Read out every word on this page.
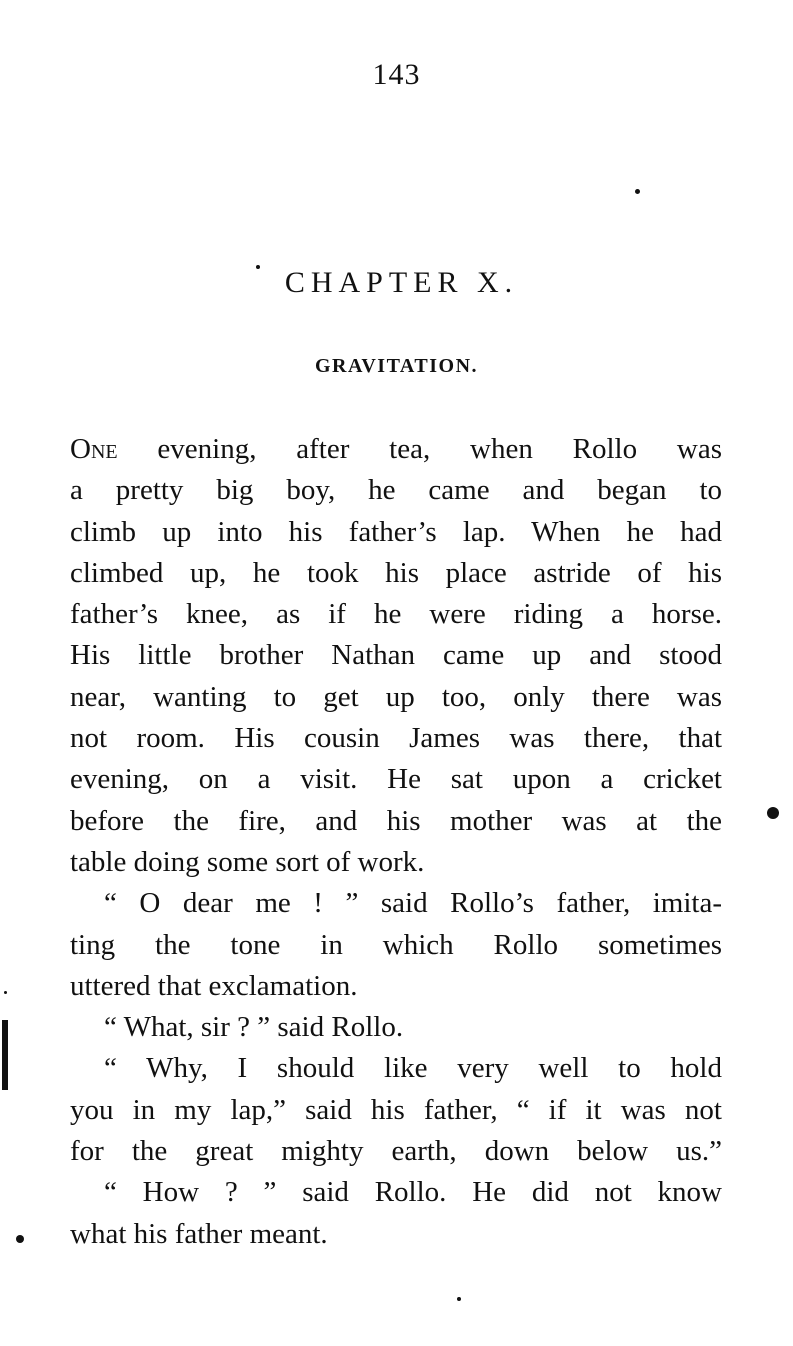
143
CHAPTER X.
GRAVITATION.
One evening, after tea, when Rollo was
a pretty big boy, he came and began to
climb up into his father’s lap. When he had
climbed up, he took his place astride of his
father’s knee, as if he were riding a horse.
His little brother Nathan came up and stood
near, wanting to get up too, only there was
not room. His cousin James was there, that
evening, on a visit. He sat upon a cricket
before the fire, and his mother was at the
table doing some sort of work.
“ O dear me ! ” said Rollo’s father, imita-
ting the tone in which Rollo sometimes
uttered that exclamation.
“ What, sir ? ” said Rollo.
“ Why, I should like very well to hold
you in my lap,” said his father, “ if it was not
for the great mighty earth, down below us.”
“ How ? ” said Rollo. He did not know
what his father meant.
